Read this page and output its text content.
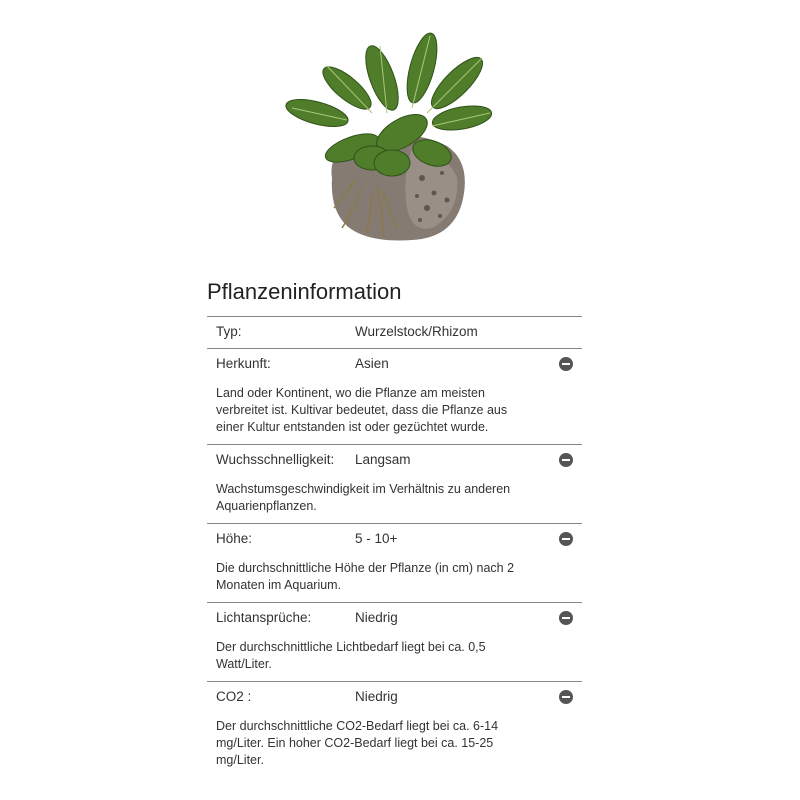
Pflanzeninformation
Typ:	Wurzelstock/Rhizom
Herkunft:	Asien
Land oder Kontinent, wo die Pflanze am meisten verbreitet ist. Kultivar bedeutet, dass die Pflanze aus einer Kultur entstanden ist oder gezüchtet wurde.
Wuchsschnelligkeit: Langsam
Wachstumsgeschwindigkeit im Verhältnis zu anderen Aquarienpflanzen.
Höhe:	5 - 10+
Die durchschnittliche Höhe der Pflanze (in cm) nach 2 Monaten im Aquarium.
Lichtansprüche:	Niedrig
Der durchschnittliche Lichtbedarf liegt bei ca. 0,5 Watt/Liter.
CO2 :	Niedrig
Der durchschnittliche CO2-Bedarf liegt bei ca. 6-14 mg/Liter. Ein hoher CO2-Bedarf liegt bei ca. 15-25 mg/Liter.
